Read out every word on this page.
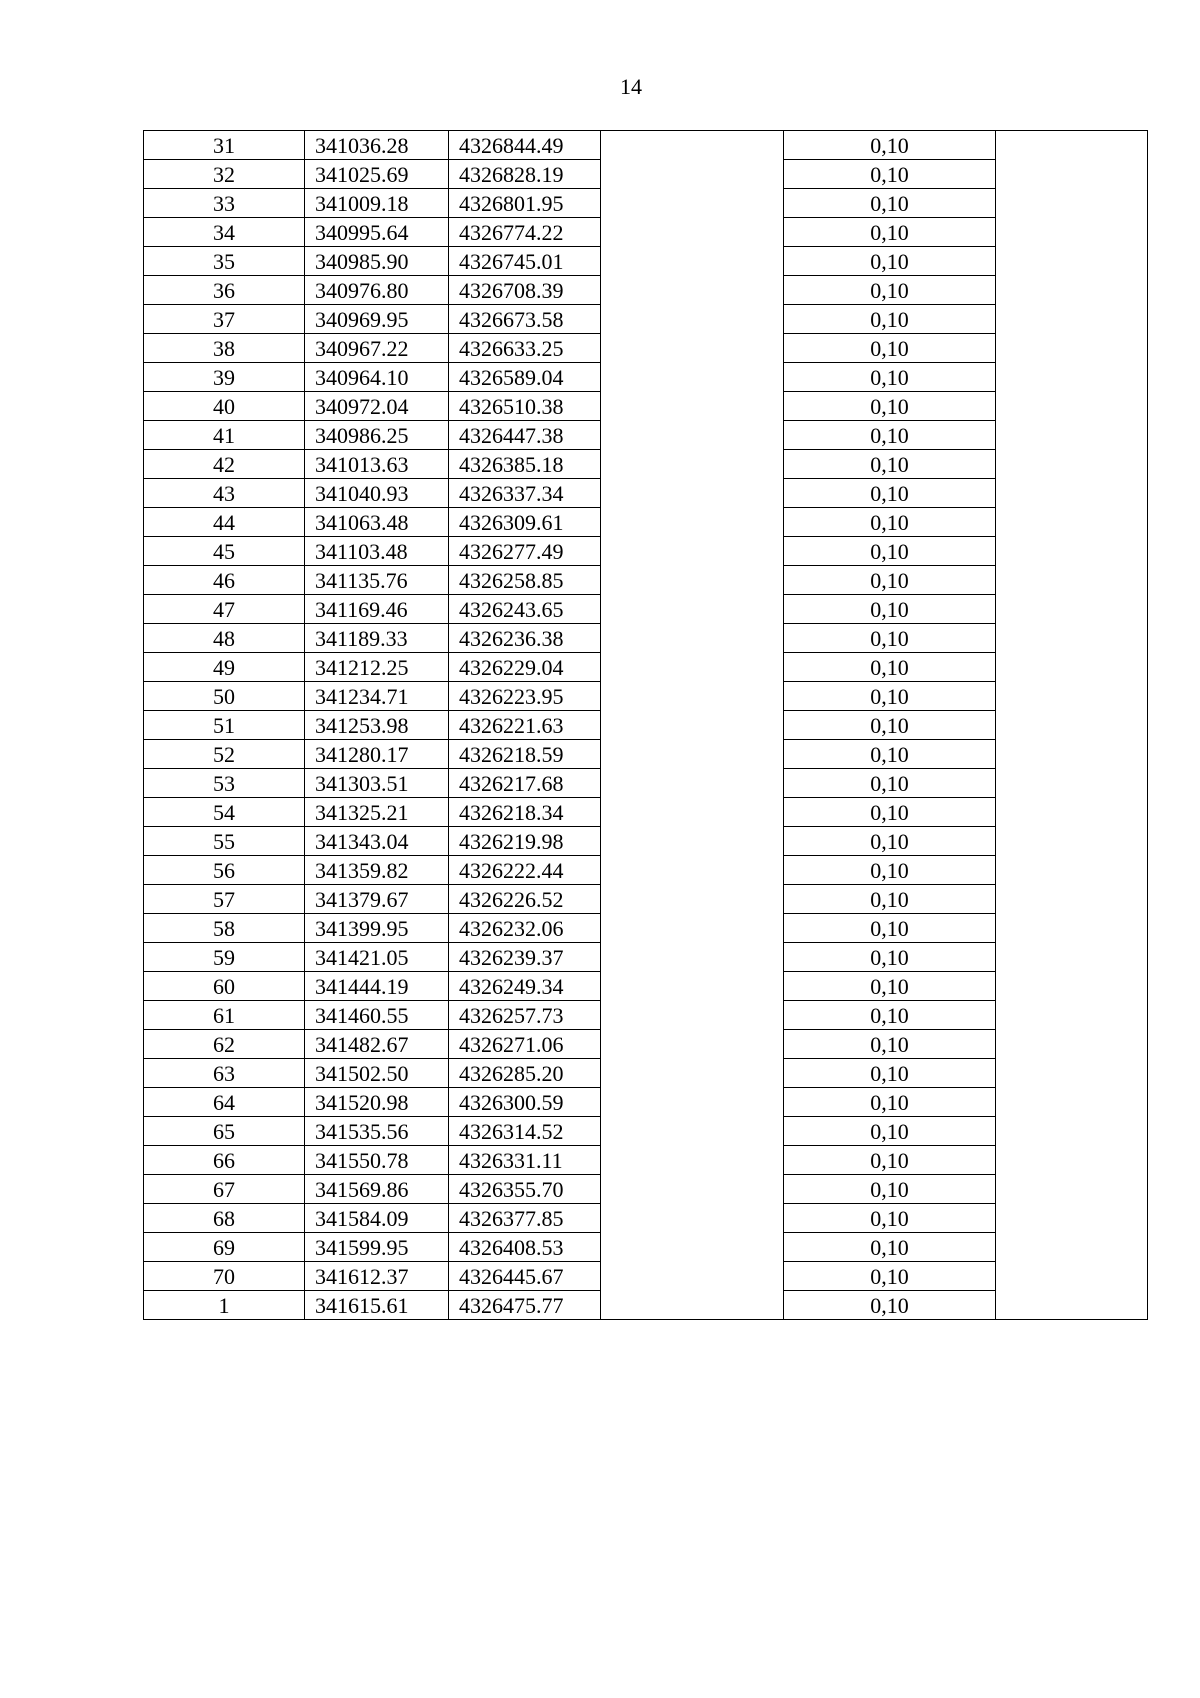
14
31	341036.28	4326844.49		0,10	
32	341025.69	4326828.19		0,10	
33	341009.18	4326801.95		0,10	
34	340995.64	4326774.22		0,10	
35	340985.90	4326745.01		0,10	
36	340976.80	4326708.39		0,10	
37	340969.95	4326673.58		0,10	
38	340967.22	4326633.25		0,10	
39	340964.10	4326589.04		0,10	
40	340972.04	4326510.38		0,10	
41	340986.25	4326447.38		0,10	
42	341013.63	4326385.18		0,10	
43	341040.93	4326337.34		0,10	
44	341063.48	4326309.61		0,10	
45	341103.48	4326277.49		0,10	
46	341135.76	4326258.85		0,10	
47	341169.46	4326243.65		0,10	
48	341189.33	4326236.38		0,10	
49	341212.25	4326229.04		0,10	
50	341234.71	4326223.95		0,10	
51	341253.98	4326221.63		0,10	
52	341280.17	4326218.59		0,10	
53	341303.51	4326217.68		0,10	
54	341325.21	4326218.34		0,10	
55	341343.04	4326219.98		0,10	
56	341359.82	4326222.44		0,10	
57	341379.67	4326226.52		0,10	
58	341399.95	4326232.06		0,10	
59	341421.05	4326239.37		0,10	
60	341444.19	4326249.34		0,10	
61	341460.55	4326257.73		0,10	
62	341482.67	4326271.06		0,10	
63	341502.50	4326285.20		0,10	
64	341520.98	4326300.59		0,10	
65	341535.56	4326314.52		0,10	
66	341550.78	4326331.11		0,10	
67	341569.86	4326355.70		0,10	
68	341584.09	4326377.85		0,10	
69	341599.95	4326408.53		0,10	
70	341612.37	4326445.67		0,10	
1	341615.61	4326475.77		0,10	
